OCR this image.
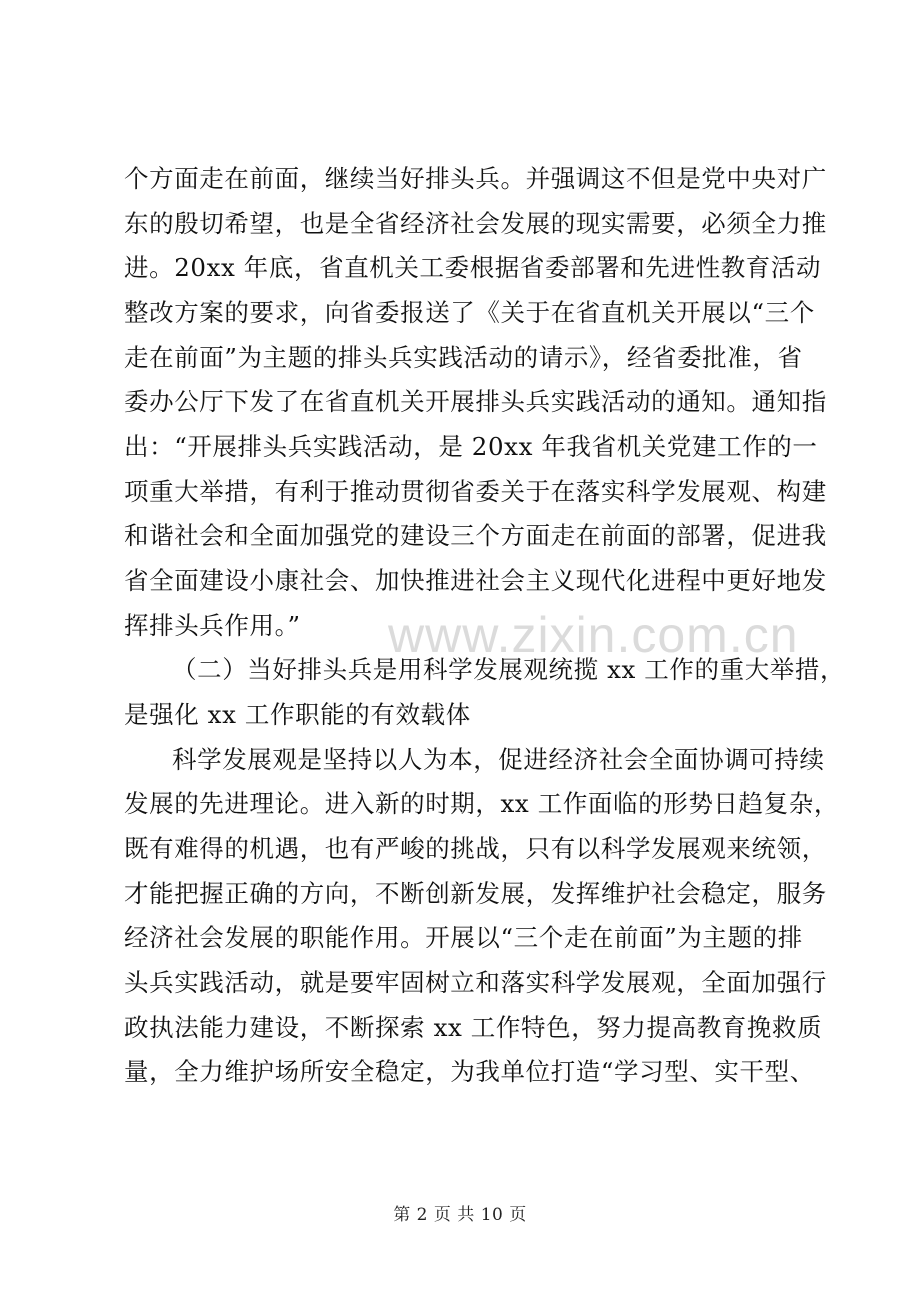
个方面走在前面，继续当好排头兵。并强调这不但是党中央对广
东的殷切希望，也是全省经济社会发展的现实需要，必须全力推
进。20xx 年底，省直机关工委根据省委部署和先进性教育活动
整改方案的要求，向省委报送了《关于在省直机关开展以“三个
走在前面”为主题的排头兵实践活动的请示》，经省委批准，省
委办公厅下发了在省直机关开展排头兵实践活动的通知。通知指
出：“开展排头兵实践活动，是 20xx 年我省机关党建工作的一
项重大举措，有利于推动贯彻省委关于在落实科学发展观、构建
和谐社会和全面加强党的建设三个方面走在前面的部署，促进我
省全面建设小康社会、加快推进社会主义现代化进程中更好地发
挥排头兵作用。”
（二）当好排头兵是用科学发展观统揽 xx 工作的重大举措，
是强化 xx 工作职能的有效载体
科学发展观是坚持以人为本，促进经济社会全面协调可持续
发展的先进理论。进入新的时期，xx 工作面临的形势日趋复杂，
既有难得的机遇，也有严峻的挑战，只有以科学发展观来统领，
才能把握正确的方向，不断创新发展，发挥维护社会稳定，服务
经济社会发展的职能作用。开展以“三个走在前面”为主题的排
头兵实践活动，就是要牢固树立和落实科学发展观，全面加强行
政执法能力建设，不断探索 xx 工作特色，努力提高教育挽救质
量，全力维护场所安全稳定，为我单位打造“学习型、实干型、
www.zixin.com.cn
第 2 页 共 10 页
